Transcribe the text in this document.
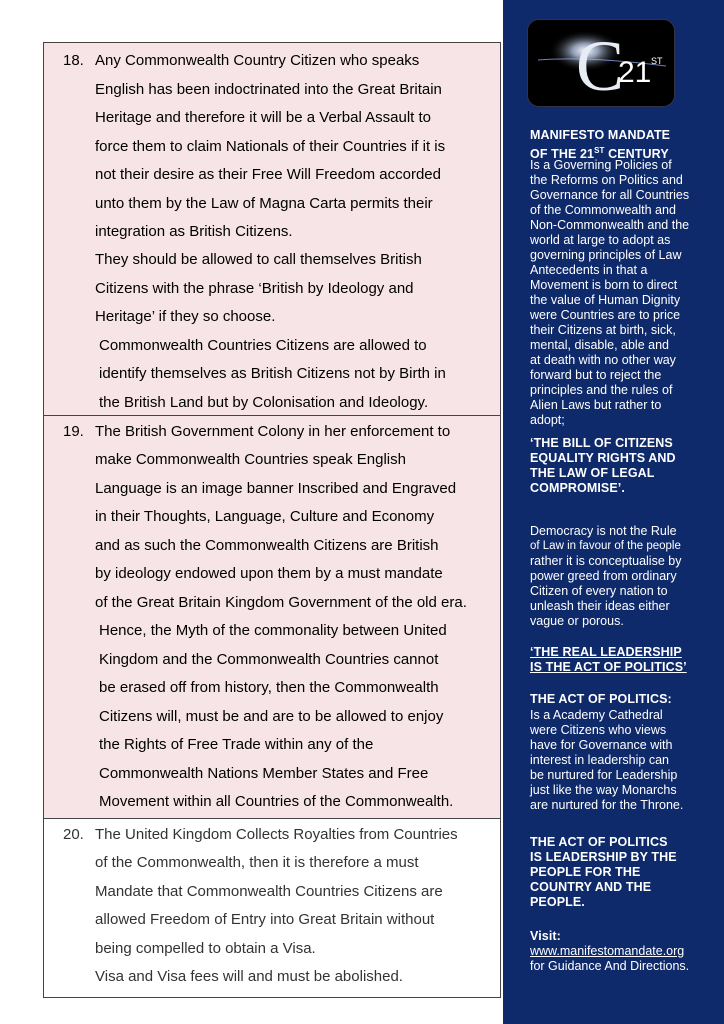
18. Any Commonwealth Country Citizen who speaks
English has been indoctrinated into the Great Britain
Heritage and therefore it will be a Verbal Assault to
force them to claim Nationals of their Countries if it is
not their desire as their Free Will Freedom accorded
unto them by the Law of Magna Carta permits their
integration as British Citizens.
They should be allowed to call themselves British
Citizens with the phrase ‘British by Ideology and
Heritage’ if they so choose.
Commonwealth Countries Citizens are allowed to
identify themselves as British Citizens not by Birth in
the British Land but by Colonisation and Ideology.
19. The British Government Colony in her enforcement to
make Commonwealth Countries speak English
Language is an image banner Inscribed and Engraved
in their Thoughts, Language, Culture and Economy
and as such the Commonwealth Citizens are British
by ideology endowed upon them by a must mandate
of the Great Britain Kingdom Government of the old era.
Hence, the Myth of the commonality between United
Kingdom and the Commonwealth Countries cannot
be erased off from history, then the Commonwealth
Citizens will, must be and are to be allowed to enjoy
the Rights of Free Trade within any of the
Commonwealth Nations Member States and Free
Movement within all Countries of the Commonwealth.
20. The United Kingdom Collects Royalties from Countries
of the Commonwealth, then it is therefore a must
Mandate that Commonwealth Countries Citizens are
allowed Freedom of Entry into Great Britain without
being compelled to obtain a Visa.
Visa and Visa fees will and must be abolished.
C
21 ST
MANIFESTO MANDATE
OF THE 21ST CENTURY
Is a Governing Policies of
the Reforms on Politics and
Governance for all Countries
of the Commonwealth and
Non-Commonwealth and the
world at large to adopt as
governing principles of Law
Antecedents in that a
Movement is born to direct
the value of Human Dignity
were Countries are to price
their Citizens at birth, sick,
mental, disable, able and
at death with no other way
forward but to reject the
principles and the rules of
Alien Laws but rather to
adopt;
‘THE BILL OF CITIZENS
EQUALITY RIGHTS AND
THE LAW OF LEGAL
COMPROMISE’.
Democracy is not the Rule
of Law in favour of the people
rather it is conceptualise by
power greed from ordinary
Citizen of every nation to
unleash their ideas either
vague or porous.
‘THE REAL LEADERSHIP
IS THE ACT OF POLITICS’
THE ACT OF POLITICS:
Is a Academy Cathedral
were Citizens who views
have for Governance with
interest in leadership can
be nurtured for Leadership
just like the way Monarchs
are nurtured for the Throne.
THE ACT OF POLITICS
IS LEADERSHIP BY THE
PEOPLE FOR THE
COUNTRY AND THE
PEOPLE.
Visit:
www.manifestomandate.org
for Guidance And Directions.
